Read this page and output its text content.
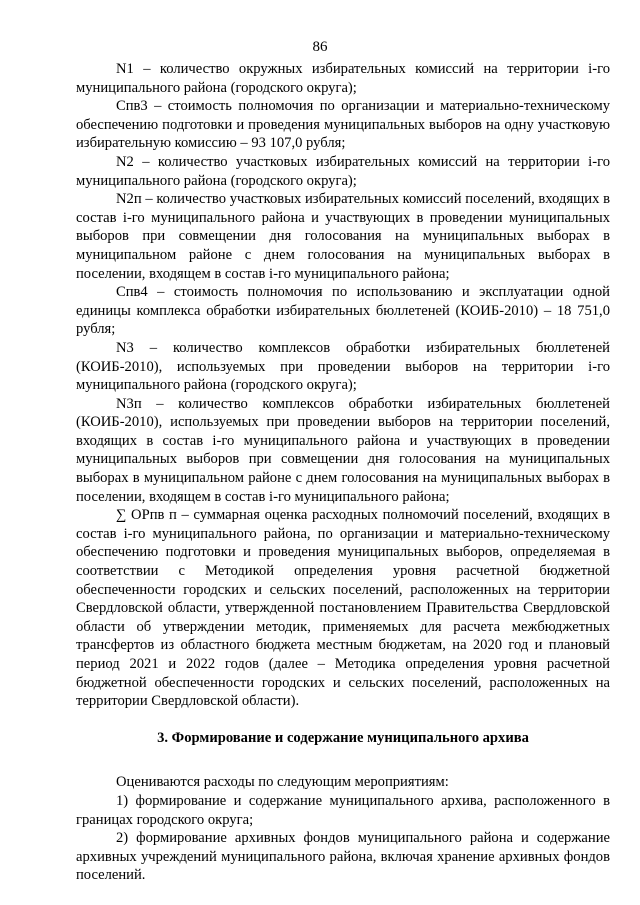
86

N1 – количество окружных избирательных комиссий на территории i-го муниципального района (городского округа);

Спв3 – стоимость полномочия по организации и материально-техническому обеспечению подготовки и проведения муниципальных выборов на одну участковую избирательную комиссию – 93 107,0 рубля;

N2 – количество участковых избирательных комиссий на территории i-го муниципального района (городского округа);

N2п – количество участковых избирательных комиссий поселений, входящих в состав i-го муниципального района и участвующих в проведении муниципальных выборов при совмещении дня голосования на муниципальных выборах в муниципальном районе с днем голосования на муниципальных выборах в поселении, входящем в состав i-го муниципального района;

Спв4 – стоимость полномочия по использованию и эксплуатации одной единицы комплекса обработки избирательных бюллетеней (КОИБ-2010) – 18 751,0 рубля;

N3 – количество комплексов обработки избирательных бюллетеней (КОИБ-2010), используемых при проведении выборов на территории i-го муниципального района (городского округа);

N3п – количество комплексов обработки избирательных бюллетеней (КОИБ-2010), используемых при проведении выборов на территории поселений, входящих в состав i-го муниципального района и участвующих в проведении муниципальных выборов при совмещении дня голосования на муниципальных выборах в муниципальном районе с днем голосования на муниципальных выборах в поселении, входящем в состав i-го муниципального района;

∑ ОРпв п – суммарная оценка расходных полномочий поселений, входящих в состав i-го муниципального района, по организации и материально-техническому обеспечению подготовки и проведения муниципальных выборов, определяемая в соответствии с Методикой определения уровня расчетной бюджетной обеспеченности городских и сельских поселений, расположенных на территории Свердловской области, утвержденной постановлением Правительства Свердловской области об утверждении методик, применяемых для расчета межбюджетных трансфертов из областного бюджета местным бюджетам, на 2020 год и плановый период 2021 и 2022 годов (далее – Методика определения уровня расчетной бюджетной обеспеченности городских и сельских поселений, расположенных на территории Свердловской области).

3. Формирование и содержание муниципального архива

Оцениваются расходы по следующим мероприятиям:

1) формирование и содержание муниципального архива, расположенного в границах городского округа;

2) формирование архивных фондов муниципального района и содержание архивных учреждений муниципального района, включая хранение архивных фондов поселений.
